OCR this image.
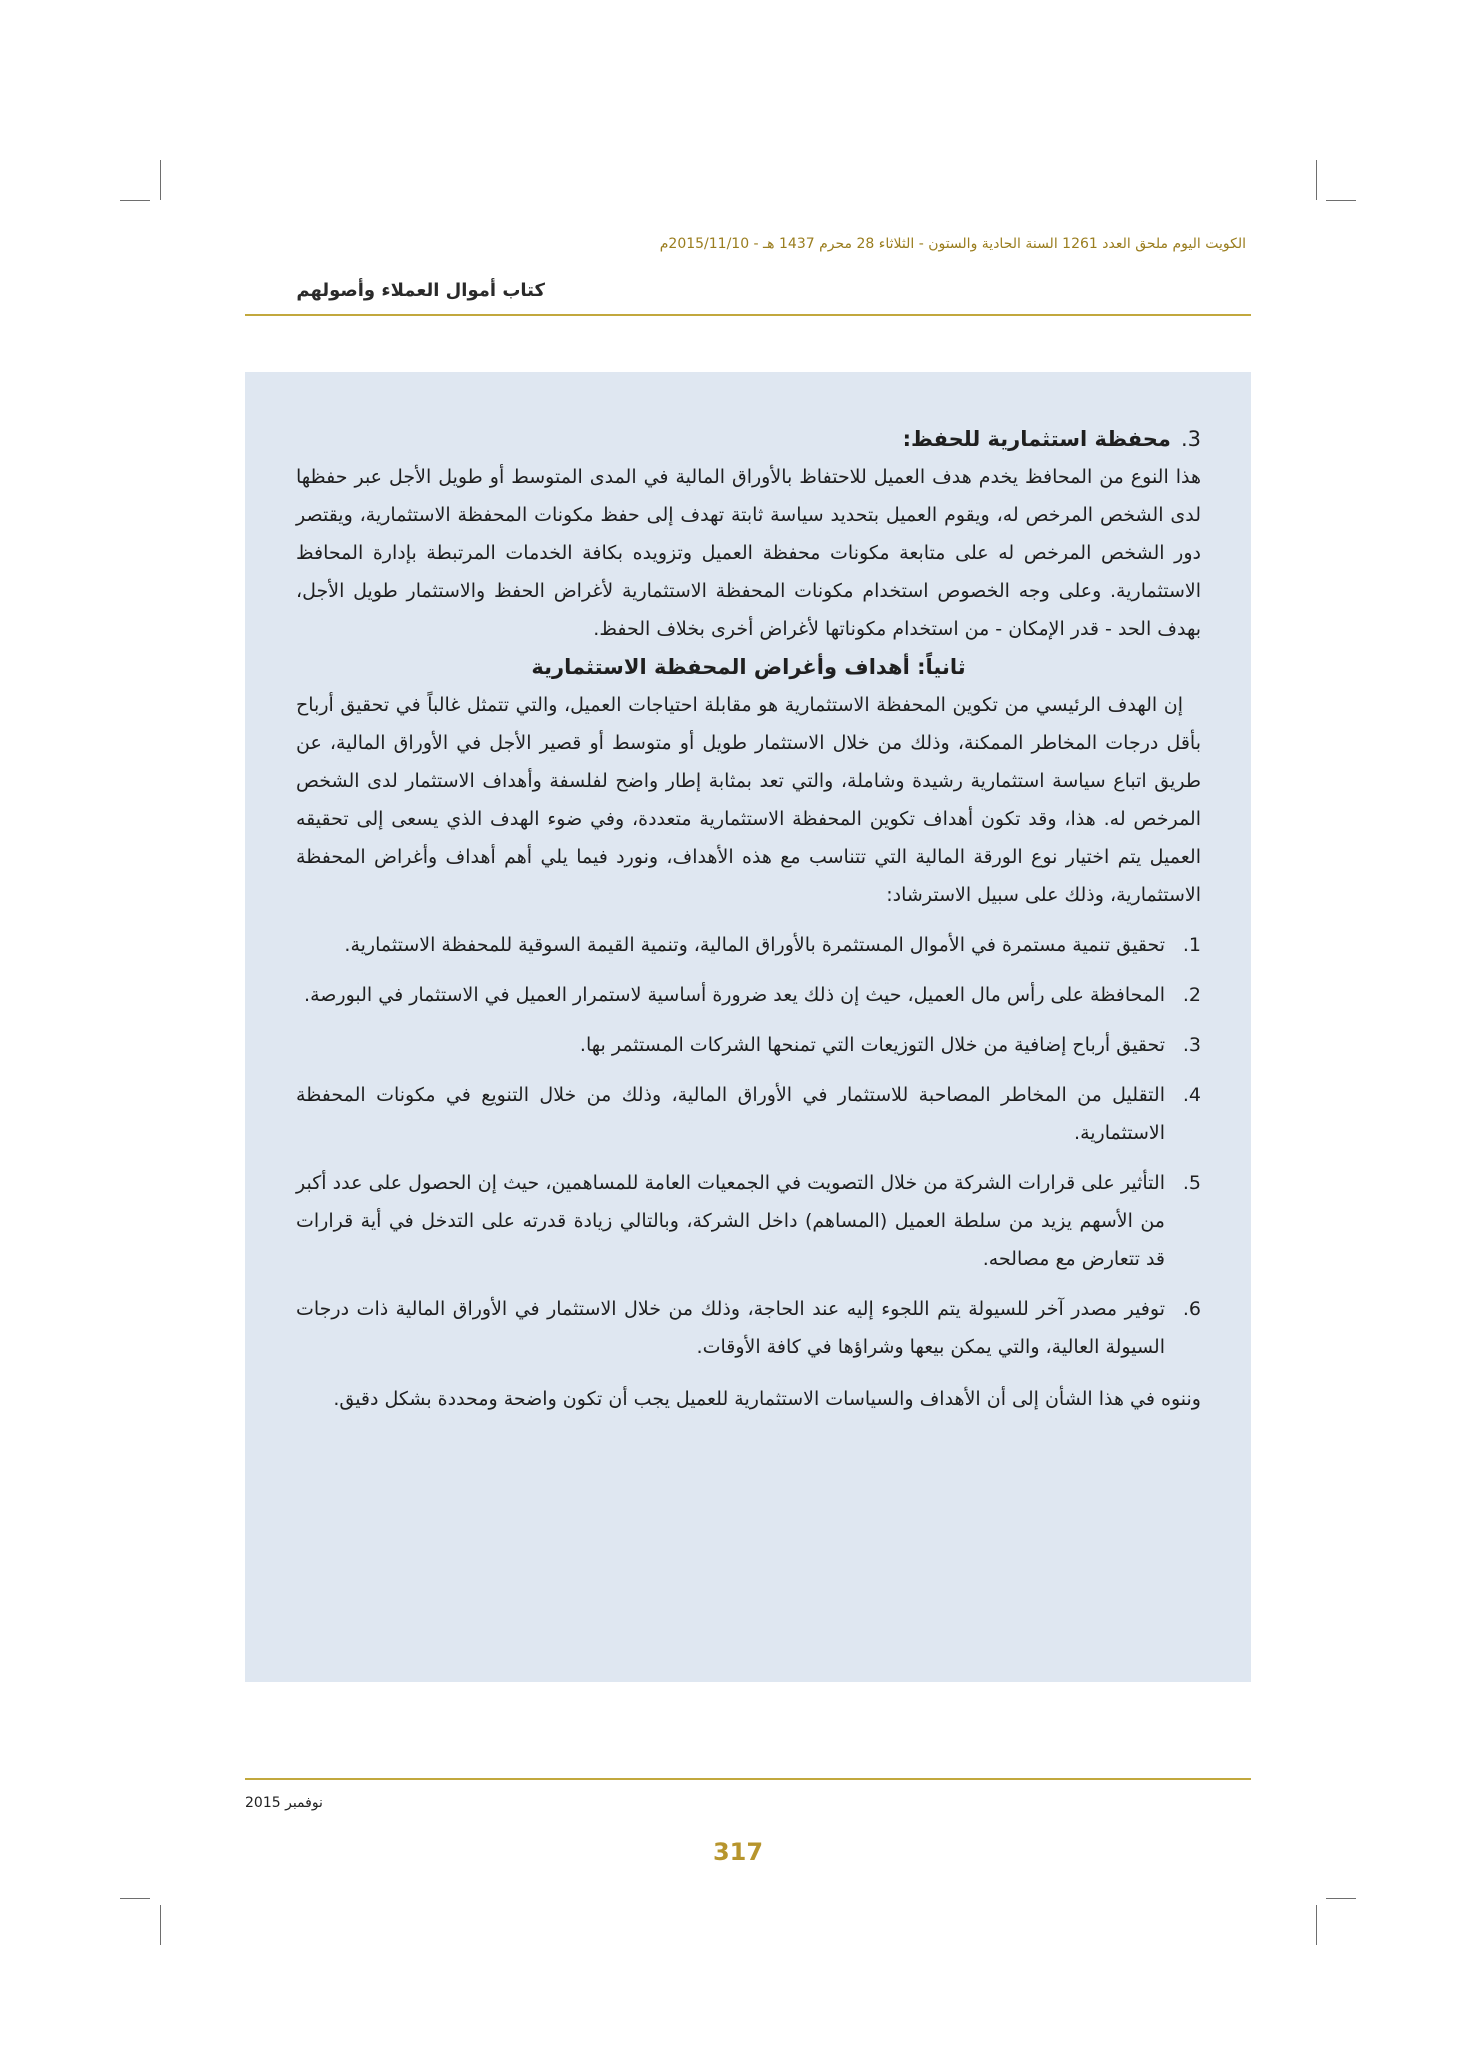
الكويت اليوم ملحق العدد 1261 السنة الحادية والستون - الثلاثاء 28 محرم 1437 هـ - 2015/11/10م
كتاب أموال العملاء وأصولهم

3.محفظة استثمارية للحفظ:

هذا النوع من المحافظ يخدم هدف العميل للاحتفاظ بالأوراق المالية في المدى المتوسط أو طويل الأجل عبر حفظها لدى الشخص المرخص له، ويقوم العميل بتحديد سياسة ثابتة تهدف إلى حفظ مكونات المحفظة الاستثمارية، ويقتصر دور الشخص المرخص له على متابعة مكونات محفظة العميل وتزويده بكافة الخدمات المرتبطة بإدارة المحافظ الاستثمارية. وعلى وجه الخصوص استخدام مكونات المحفظة الاستثمارية لأغراض الحفظ والاستثمار طويل الأجل، بهدف الحد - قدر الإمكان - من استخدام مكوناتها لأغراض أخرى بخلاف الحفظ.

ثانياً: أهداف وأغراض المحفظة الاستثمارية

إن الهدف الرئيسي من تكوين المحفظة الاستثمارية هو مقابلة احتياجات العميل، والتي تتمثل غالباً في تحقيق أرباح بأقل درجات المخاطر الممكنة، وذلك من خلال الاستثمار طويل أو متوسط أو قصير الأجل في الأوراق المالية، عن طريق اتباع سياسة استثمارية رشيدة وشاملة، والتي تعد بمثابة إطار واضح لفلسفة وأهداف الاستثمار لدى الشخص المرخص له. هذا، وقد تكون أهداف تكوين المحفظة الاستثمارية متعددة، وفي ضوء الهدف الذي يسعى إلى تحقيقه العميل يتم اختيار نوع الورقة المالية التي تتناسب مع هذه الأهداف، ونورد فيما يلي أهم أهداف وأغراض المحفظة الاستثمارية، وذلك على سبيل الاسترشاد:

1.
تحقيق تنمية مستمرة في الأموال المستثمرة بالأوراق المالية، وتنمية القيمة السوقية للمحفظة الاستثمارية.
2.
المحافظة على رأس مال العميل، حيث إن ذلك يعد ضرورة أساسية لاستمرار العميل في الاستثمار في البورصة.
3.
تحقيق أرباح إضافية من خلال التوزيعات التي تمنحها الشركات المستثمر بها.
4.
التقليل من المخاطر المصاحبة للاستثمار في الأوراق المالية، وذلك من خلال التنويع في مكونات المحفظة الاستثمارية.
5.
التأثير على قرارات الشركة من خلال التصويت في الجمعيات العامة للمساهمين، حيث إن الحصول على عدد أكبر من الأسهم يزيد من سلطة العميل (المساهم) داخل الشركة، وبالتالي زيادة قدرته على التدخل في أية قرارات قد تتعارض مع مصالحه.
6.
توفير مصدر آخر للسيولة يتم اللجوء إليه عند الحاجة، وذلك من خلال الاستثمار في الأوراق المالية ذات درجات السيولة العالية، والتي يمكن بيعها وشراؤها في كافة الأوقات.

وننوه في هذا الشأن إلى أن الأهداف والسياسات الاستثمارية للعميل يجب أن تكون واضحة ومحددة بشكل دقيق.

نوفمبر 2015
317
